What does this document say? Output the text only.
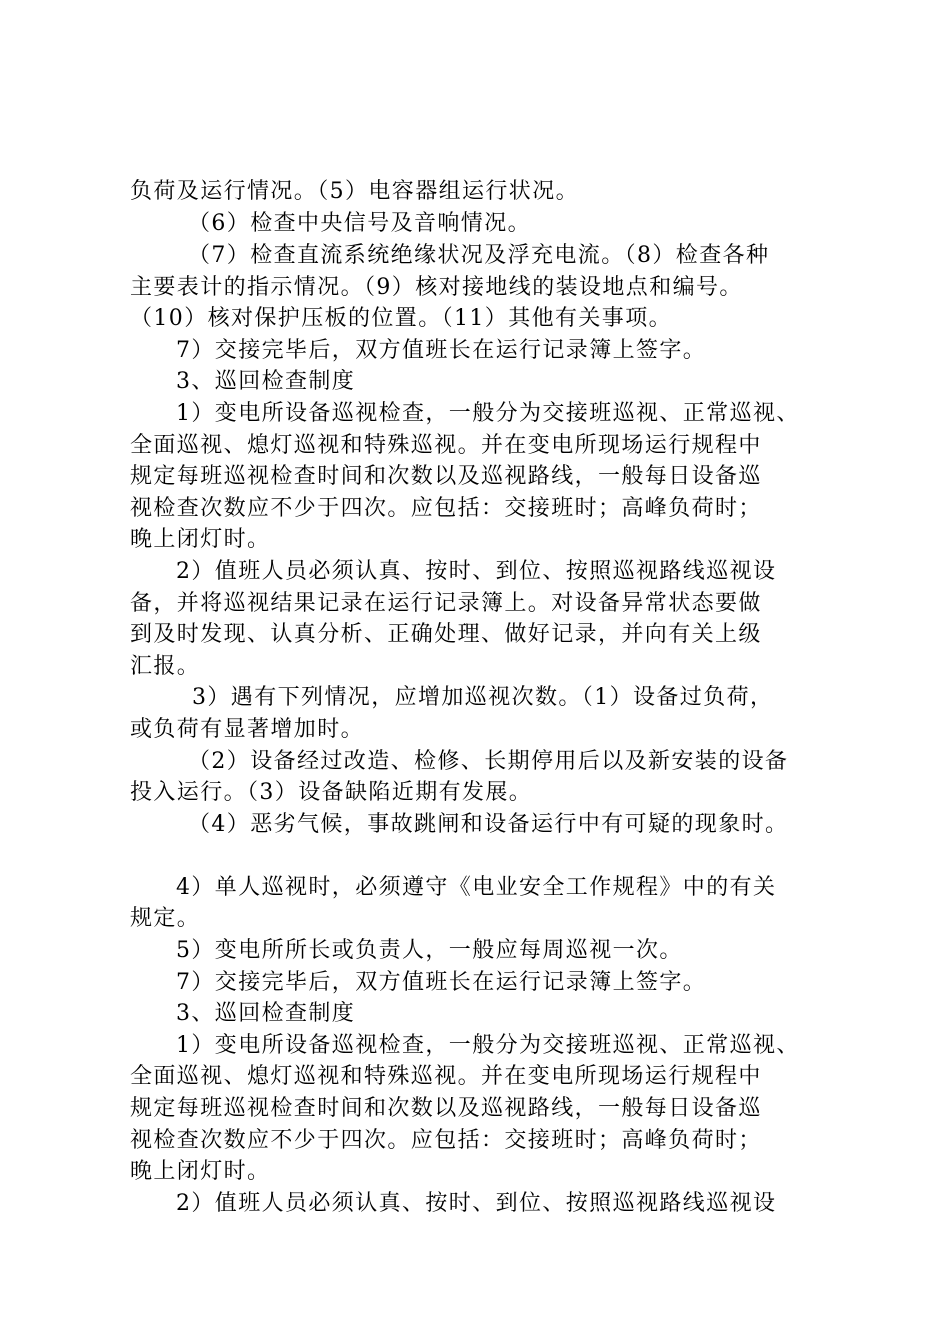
负荷及运行情况。（5）电容器组运行状况。
（6）检查中央信号及音响情况。
（7）检查直流系统绝缘状况及浮充电流。（8）检查各种
主要表计的指示情况。（9）核对接地线的装设地点和编号。
（10）核对保护压板的位置。（11）其他有关事项。
7）交接完毕后，双方值班长在运行记录簿上签字。
3、巡回检查制度
1）变电所设备巡视检查，一般分为交接班巡视、正常巡视、
全面巡视、熄灯巡视和特殊巡视。并在变电所现场运行规程中
规定每班巡视检查时间和次数以及巡视路线，一般每日设备巡
视检查次数应不少于四次。应包括：交接班时；高峰负荷时；
晚上闭灯时。
2）值班人员必须认真、按时、到位、按照巡视路线巡视设
备，并将巡视结果记录在运行记录簿上。对设备异常状态要做
到及时发现、认真分析、正确处理、做好记录，并向有关上级
汇报。
3）遇有下列情况，应增加巡视次数。（1）设备过负荷，
或负荷有显著增加时。
（2）设备经过改造、检修、长期停用后以及新安装的设备
投入运行。（3）设备缺陷近期有发展。
（4）恶劣气候，事故跳闸和设备运行中有可疑的现象时。
4）单人巡视时，必须遵守《电业安全工作规程》中的有关
规定。
5）变电所所长或负责人，一般应每周巡视一次。
7）交接完毕后，双方值班长在运行记录簿上签字。
3、巡回检查制度
1）变电所设备巡视检查，一般分为交接班巡视、正常巡视、
全面巡视、熄灯巡视和特殊巡视。并在变电所现场运行规程中
规定每班巡视检查时间和次数以及巡视路线，一般每日设备巡
视检查次数应不少于四次。应包括：交接班时；高峰负荷时；
晚上闭灯时。
2）值班人员必须认真、按时、到位、按照巡视路线巡视设
